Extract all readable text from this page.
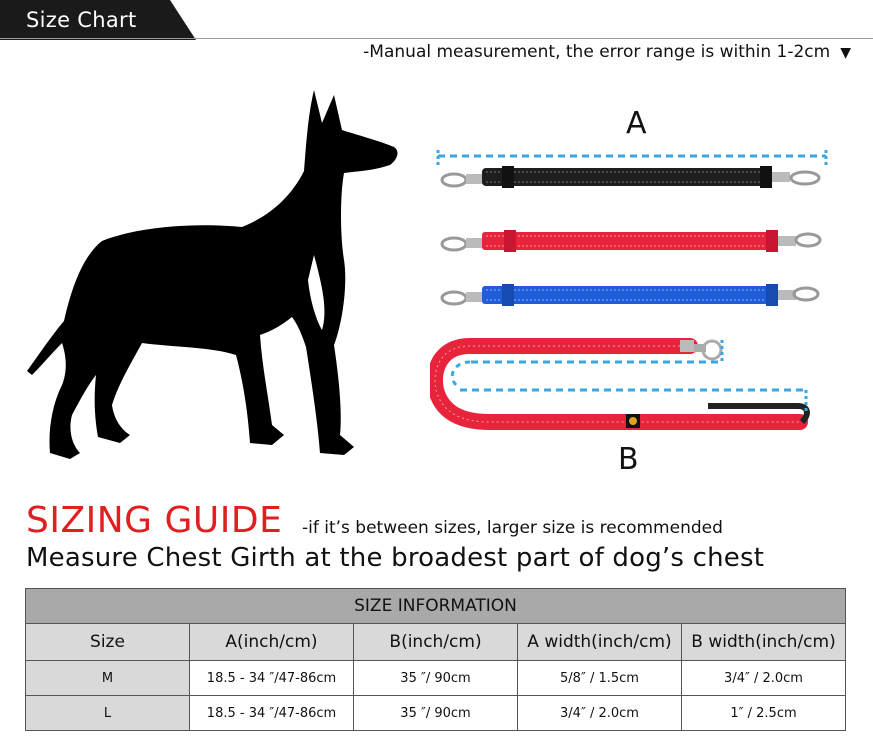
Size Chart
-Manual measurement, the error range is within 1-2cm ▼
A
B
SIZING GUIDE -if it’s between sizes, larger size is recommended
Measure Chest Girth at the broadest part of dog’s chest
SIZE INFORMATION				
Size	A(inch/cm)	B(inch/cm)	A width(inch/cm)	B width(inch/cm)
M	18.5 - 34 ″/47-86cm	35 ″/ 90cm	5/8″ / 1.5cm	3/4″ / 2.0cm
L	18.5 - 34 ″/47-86cm	35 ″/ 90cm	3/4″ / 2.0cm	1″ / 2.5cm
